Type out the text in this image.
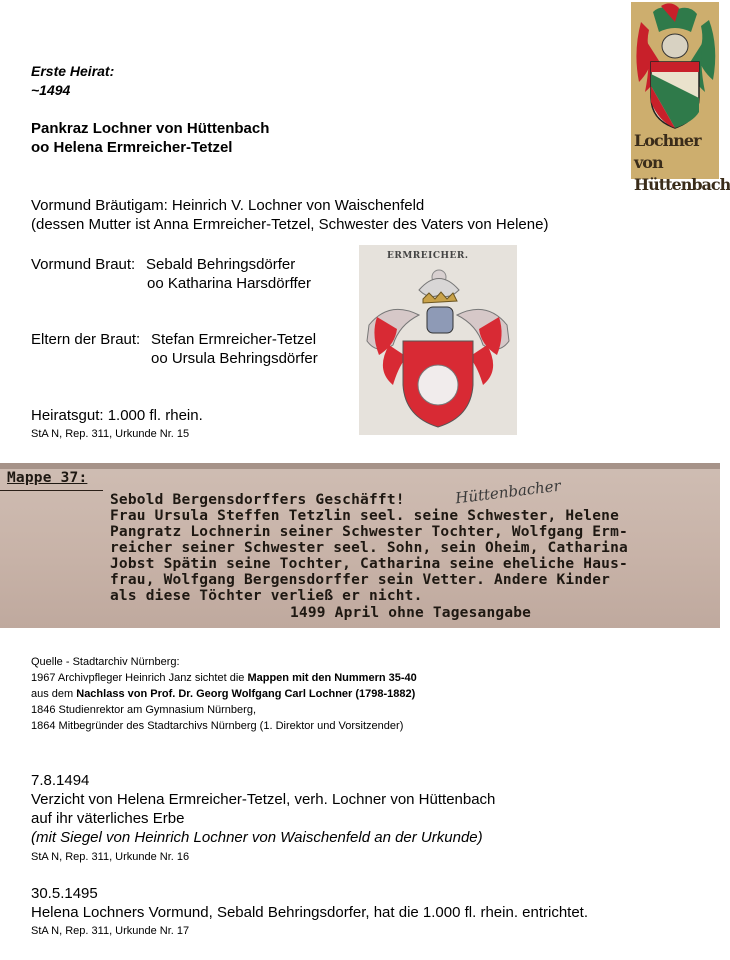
Erste Heirat:
~1494
Pankraz Lochner von Hüttenbach
oo Helena Ermreicher-Tetzel	Lochner von Hüttenbach
Vormund Bräutigam: Heinrich V. Lochner von Waischenfeld
(dessen Mutter ist Anna Ermreicher-Tetzel, Schwester des Vaters von Helene)
Vormund Braut: Sebald Behringsdörfer
oo Katharina Harsdörffer
ERMREICHER.
Eltern der Braut: Stefan Ermreicher-Tetzel
oo Ursula Behringsdörfer
Heiratsgut: 1.000 fl. rhein.
StA N, Rep. 311, Urkunde Nr. 15
Mappe 37:
Sebold Bergensdorffers Geschäfft!	Hüttenbacher
Frau Ursula Steffen Tetzlin seel. seine Schwester, Helene
Pangratz Lochnerin seiner Schwester Tochter, Wolfgang Erm-
reicher seiner Schwester seel. Sohn, sein Oheim, Catharina
Jobst Spätin seine Tochter, Catharina seine eheliche Haus-
frau, Wolfgang Bergensdorffer sein Vetter. Andere Kinder
als diese Töchter verließ er nicht.
1499 April ohne Tagesangabe
Quelle - Stadtarchiv Nürnberg:
1967 Archivpfleger Heinrich Janz sichtet die Mappen mit den Nummern 35-40
aus dem Nachlass von Prof. Dr. Georg Wolfgang Carl Lochner (1798-1882)
1846 Studienrektor am Gymnasium Nürnberg,
1864 Mitbegründer des Stadtarchivs Nürnberg (1. Direktor und Vorsitzender)
7.8.1494
Verzicht von Helena Ermreicher-Tetzel, verh. Lochner von Hüttenbach
auf ihr väterliches Erbe
(mit Siegel von Heinrich Lochner von Waischenfeld an der Urkunde)
StA N, Rep. 311, Urkunde Nr. 16
30.5.1495
Helena Lochners Vormund, Sebald Behringsdorfer, hat die 1.000 fl. rhein. entrichtet.
StA N, Rep. 311, Urkunde Nr. 17
